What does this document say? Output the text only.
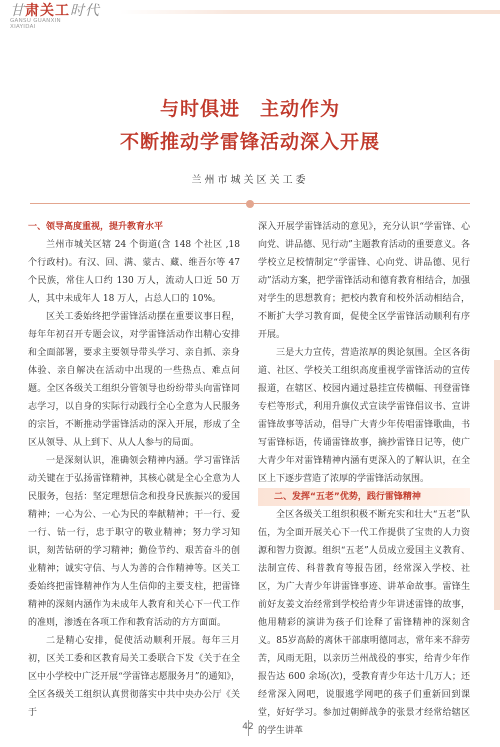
甘肃关工时代
GANSU GUANXIN
XIAYIDAI
与时俱进　主动作为
不断推动学雷锋活动深入开展
兰州市城关区关工委
一、领导高度重视，提升教育水平

兰州市城关区辖 24 个街道(含 148 个社区 ,18 个行政村)。有汉、回、满、蒙古、藏、维吾尔等 47 个民族，常住人口约 130 万人，流动人口近 50 万人，其中未成年人 18 万人，占总人口的 10%。

区关工委始终把学雷锋活动摆在重要议事日程，每年年初召开专题会议，对学雷锋活动作出精心安排和全面部署，要求主要领导带头学习、亲自抓、亲身体验、亲自解决在活动中出现的一些热点、难点问题。全区各级关工组织分管领导也纷纷带头向雷锋同志学习，以自身的实际行动践行全心全意为人民服务的宗旨，不断推动学雷锋活动的深入开展，形成了全区从领导、从上到下、从人人参与的局面。

一是深刻认识，准确领会精神内涵。学习雷锋活动关键在于弘扬雷锋精神，其核心就是全心全意为人民服务，包括：坚定理想信念和投身民族振兴的爱国精神；一心为公、一心为民的奉献精神；干一行、爱一行、钻一行，忠于职守的敬业精神；努力学习知识，刻苦钻研的学习精神；勤俭节约、艰苦奋斗的创业精神；诚实守信、与人为善的合作精神等。区关工委始终把雷锋精神作为人生信仰的主要支柱，把雷锋精神的深刻内涵作为未成年人教育和关心下一代工作的准则，渗透在各项工作和教育活动的方方面面。

二是精心安排，促使活动顺利开展。每年三月初，区关工委和区教育局关工委联合下发《关于在全区中小学校中广泛开展“学雷锋志愿服务月”的通知》，全区各级关工组织认真贯彻落实中共中央办公厅《关于

深入开展学雷锋活动的意见》，充分认识“学雷锋、心向党、讲品德、见行动”主题教育活动的重要意义。各学校立足校情制定“学雷锋、心向党、讲品德、见行动”活动方案，把学雷锋活动和德育教育相结合，加强对学生的思想教育；把校内教育和校外活动相结合，不断扩大学习教育面，促使全区学雷锋活动顺利有序开展。

三是大力宣传，营造浓厚的舆论氛围。全区各街道、社区、学校关工组织高度重视学雷锋活动的宣传报道，在辖区、校园内通过悬挂宣传横幅、刊登雷锋专栏等形式，利用升旗仪式宣读学雷锋倡议书、宣讲雷锋故事等活动，倡导广大青少年传唱雷锋歌曲，书写雷锋标语，传诵雷锋故事，摘抄雷锋日记等，使广大青少年对雷锋精神内涵有更深入的了解认识，在全区上下逐步营造了浓厚的学雷锋活动氛围。

二、发挥“五老”优势，践行雷锋精神

全区各级关工组织积极不断充实和壮大“五老”队伍，为全面开展关心下一代工作提供了宝贵的人力资源和智力资源。组织“五老”人员成立爱国主义教育、法制宣传、科普教育等报告团，经常深入学校、社区，为广大青少年讲雷锋事迹、讲革命故事。雷锋生前好友姜文治经常到学校给青少年讲述雷锋的故事，他用精彩的演讲为孩子们诠释了雷锋精神的深刻含义。85岁高龄的离休干部康明德同志，常年来不辞劳苦，风雨无阻，以亲历兰州战役的事实，给青少年作报告达 600 余场(次)，受教育青少年达十几万人；还经常深入网吧，说服逃学网吧的孩子们重新回到课堂，好好学习。参加过朝鲜战争的张景才经常给辖区的学生讲革

42
